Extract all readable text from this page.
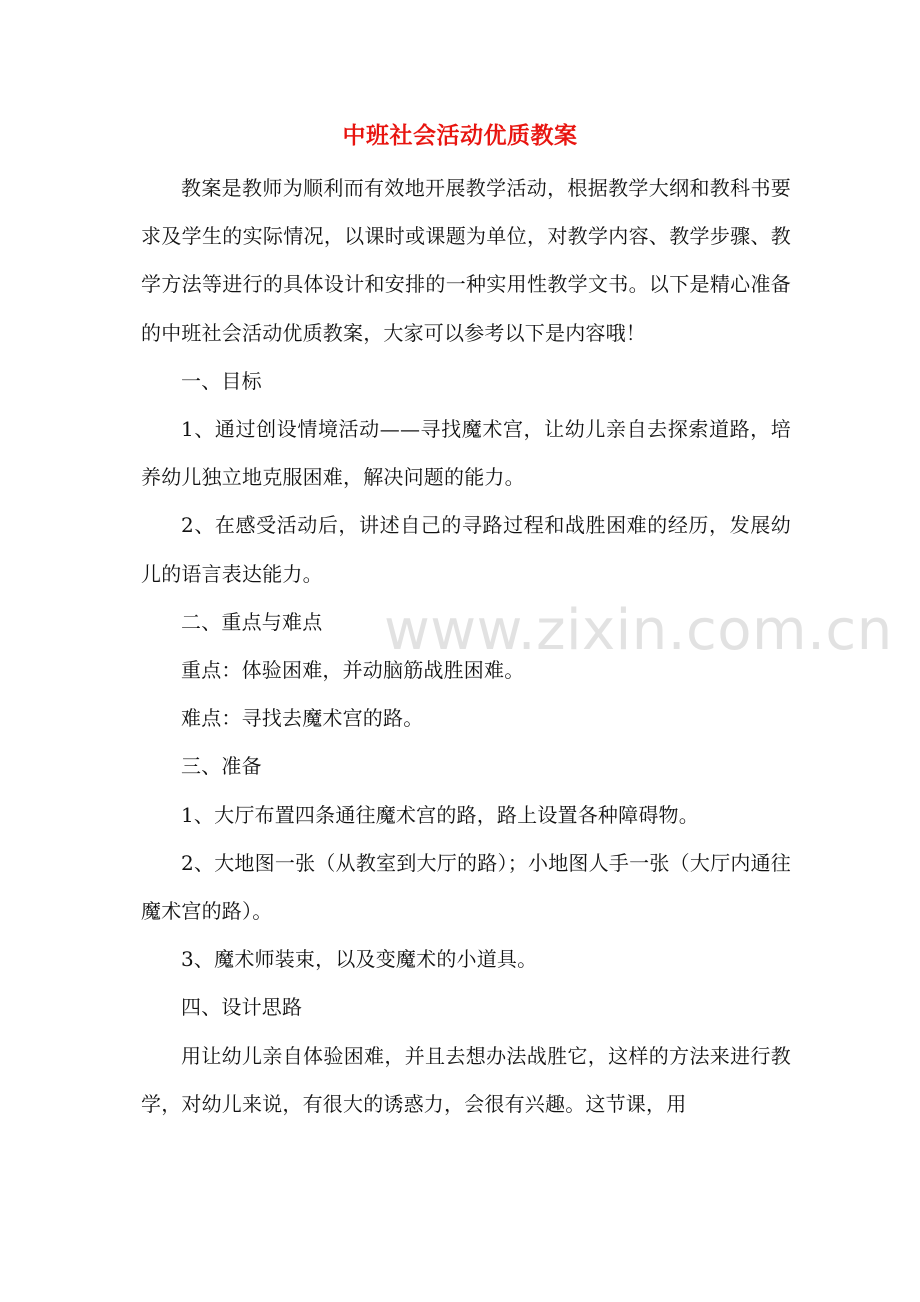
中班社会活动优质教案

教案是教师为顺利而有效地开展教学活动，根据教学大纲和教科书要求及学生的实际情况，以课时或课题为单位，对教学内容、教学步骤、教学方法等进行的具体设计和安排的一种实用性教学文书。以下是精心准备的中班社会活动优质教案，大家可以参考以下是内容哦！

一、目标

1、通过创设情境活动——寻找魔术宫，让幼儿亲自去探索道路，培养幼儿独立地克服困难，解决问题的能力。

2、在感受活动后，讲述自己的寻路过程和战胜困难的经历，发展幼儿的语言表达能力。

二、重点与难点

重点：体验困难，并动脑筋战胜困难。

难点：寻找去魔术宫的路。

三、准备

1、大厅布置四条通往魔术宫的路，路上设置各种障碍物。

2、大地图一张（从教室到大厅的路）；小地图人手一张（大厅内通往魔术宫的路）。

3、魔术师装束，以及变魔术的小道具。

四、设计思路

用让幼儿亲自体验困难，并且去想办法战胜它，这样的方法来进行教学，对幼儿来说，有很大的诱惑力，会很有兴趣。这节课，用

www.zixin.com.cn
